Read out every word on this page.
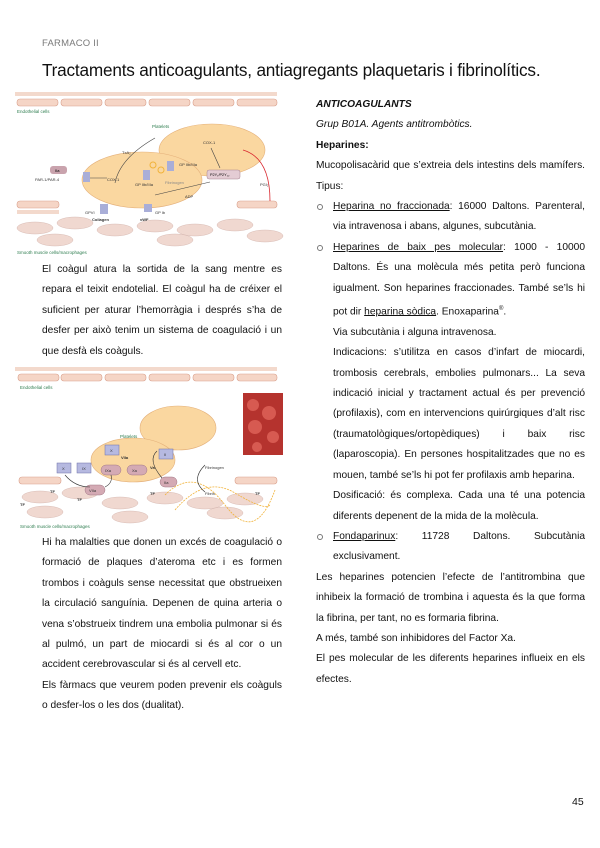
FARMACO II
Tractaments anticoagulants, antiagregants plaquetaris i fibrinolítics.
Endothelial cells
IIa
P2Y₁/P2Y₁₂
TxA₂
COX-1
GP IIb/IIIa
Fibrinogen
PAR-1/PAR-4	COX-1
GP IIb/IIIa
ADP
PGI₂
GPVI	GP Ib
Collagen	vWF
Platelets
Smooth muscle cells/macrophages

El coàgul atura la sortida de la sang mentre es repara el teixit endotelial. El coàgul ha de créixer el suficient per aturar l’hemorràgia i després s’ha de desfer per això tenim un sistema de coagulació i un que desfà els coàguls.

Endothelial cells
X
VIIa
X	IX	IXa	Xa
II
Va
IIa
VIIa
Fibrinogen
Fibrin
TF
TF
TF
TF	TF
Platelets
Smooth muscle cells/macrophages

Hi ha malalties que donen un excés de coagulació o formació de plaques d’ateroma etc i es formen trombos i coàguls sense necessitat que obstrueixen la circulació sanguínia. Depenen de quina arteria o vena s’obstrueix tindrem una embolia pulmonar si és al pulmó, un part de miocardi si és al cor o un accident cerebrovascular si és al cervell etc.

Els fàrmacs que veurem poden prevenir els coàguls o desfer-los o les dos (dualitat).

ANTICOAGULANTS

Grup B01A. Agents antitrombòtics.

Heparines:

Mucopolisacàrid que s’extreia dels intestins dels mamífers. Tipus:

Heparina no fraccionada: 16000 Daltons. Parenteral, via intravenosa i abans, algunes, subcutània.
Heparines de baix pes molecular: 1000 - 10000 Daltons. És una molècula més petita però funciona igualment. Son heparines fraccionades. També se’ls hi pot dir heparina sòdica. Enoxaparina®.

Via subcutània i alguna intravenosa.

Indicacions: s’utilitza en casos d’infart de miocardi, trombosis cerebrals, embolies pulmonars... La seva indicació inicial y tractament actual és per prevenció (profilaxis), com en intervencions quirúrgiques d’alt risc (traumatològiques/ortopèdiques) i baix risc (laparoscopia). En persones hospitalitzades que no es mouen, també se’ls hi pot fer profilaxis amb heparina.

Dosificació: és complexa. Cada una té una potencia diferents depenent de la mida de la molècula.

Fondaparinux: 11728 Daltons. Subcutània exclusivament.

Les heparines potencien l’efecte de l’antitrombina que inhibeix la formació de trombina i aquesta és la que forma la fibrina, per tant, no es formaria fibrina.

A més, també son inhibidores del Factor Xa.

El pes molecular de les diferents heparines influeix en els efectes.

45
